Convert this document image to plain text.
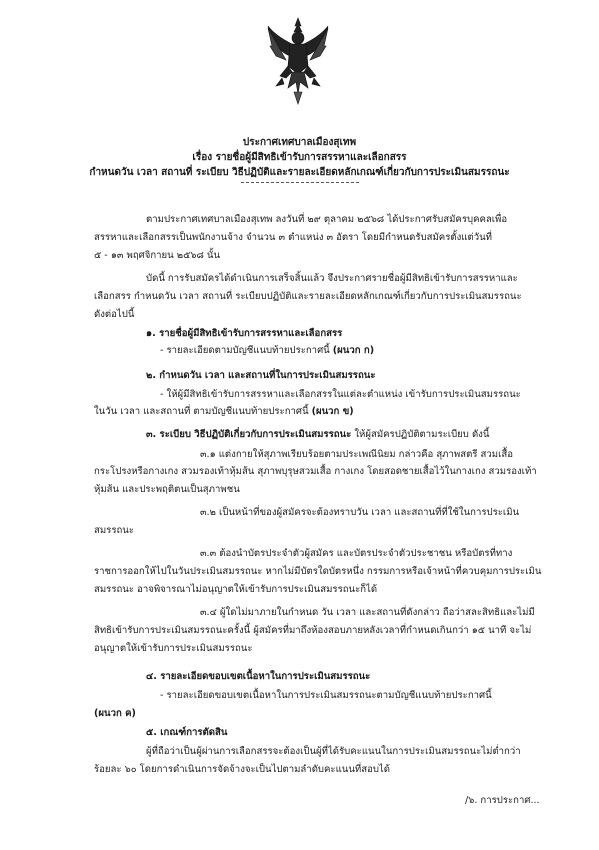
ประกาศเทศบาลเมืองสุเทพ
เรื่อง รายชื่อผู้มีสิทธิเข้ารับการสรรหาและเลือกสรร
กำหนดวัน เวลา สถานที่ ระเบียบ วิธีปฏิบัติและรายละเอียดหลักเกณฑ์เกี่ยวกับการประเมินสมรรถนะ
ตามประกาศเทศบาลเมืองสุเทพ ลงวันที่ ๒๙ ตุลาคม ๒๕๖๘ ได้ประกาศรับสมัครบุคคลเพื่อ
สรรหาและเลือกสรรเป็นพนักงานจ้าง จำนวน ๓ ตำแหน่ง ๓ อัตรา โดยมีกำหนดรับสมัครตั้งแต่วันที่
๕ - ๑๓ พฤศจิกายน ๒๕๖๘ นั้น
บัดนี้ การรับสมัครได้ดำเนินการเสร็จสิ้นแล้ว จึงประกาศรายชื่อผู้มีสิทธิเข้ารับการสรรหาและ
เลือกสรร กำหนดวัน เวลา สถานที่ ระเบียบปฏิบัติและรายละเอียดหลักเกณฑ์เกี่ยวกับการประเมินสมรรถนะ
ดังต่อไปนี้
๑. รายชื่อผู้มีสิทธิเข้ารับการสรรหาและเลือกสรร
- รายละเอียดตามบัญชีแนบท้ายประกาศนี้ (ผนวก ก)
๒. กำหนดวัน เวลา และสถานที่ในการประเมินสมรรถนะ
- ให้ผู้มีสิทธิเข้ารับการสรรหาและเลือกสรรในแต่ละตำแหน่ง เข้ารับการประเมินสมรรถนะ
ในวัน เวลา และสถานที่ ตามบัญชีแนบท้ายประกาศนี้ (ผนวก ข)
๓. ระเบียบ วิธีปฏิบัติเกี่ยวกับการประเมินสมรรถนะ ให้ผู้สมัครปฏิบัติตามระเบียบ ดังนี้
๓.๑ แต่งกายให้สุภาพเรียบร้อยตามประเพณีนิยม กล่าวคือ สุภาพสตรี สวมเสื้อ
กระโปรงหรือกางเกง สวมรองเท้าหุ้มส้น สุภาพบุรุษสวมเสื้อ กางเกง โดยสอดชายเสื้อไว้ในกางเกง สวมรองเท้า
หุ้มส้น และประพฤติตนเป็นสุภาพชน
๓.๒ เป็นหน้าที่ของผู้สมัครจะต้องทราบวัน เวลา และสถานที่ที่ใช้ในการประเมิน
สมรรถนะ
๓.๓ ต้องนำบัตรประจำตัวผู้สมัคร และบัตรประจำตัวประชาชน หรือบัตรที่ทาง
ราชการออกให้ไปในวันประเมินสมรรถนะ หากไม่มีบัตรใดบัตรหนึ่ง กรรมการหรือเจ้าหน้าที่ควบคุมการประเมิน
สมรรถนะ อาจพิจารณาไม่อนุญาตให้เข้ารับการประเมินสมรรถนะก็ได้
๓.๔ ผู้ใดไม่มาภายในกำหนด วัน เวลา และสถานที่ดังกล่าว ถือว่าสละสิทธิและไม่มี
สิทธิเข้ารับการประเมินสมรรถนะครั้งนี้ ผู้สมัครที่มาถึงห้องสอบภายหลังเวลาที่กำหนดเกินกว่า ๑๕ นาที จะไม่
อนุญาตให้เข้ารับการประเมินสมรรถนะ
๔. รายละเอียดขอบเขตเนื้อหาในการประเมินสมรรถนะ
- รายละเอียดขอบเขตเนื้อหาในการประเมินสมรรถนะตามบัญชีแนบท้ายประกาศนี้
(ผนวก ค)
๕. เกณฑ์การตัดสิน
ผู้ที่ถือว่าเป็นผู้ผ่านการเลือกสรรจะต้องเป็นผู้ที่ได้รับคะแนนในการประเมินสมรรถนะไม่ต่ำกว่า
ร้อยละ ๖๐ โดยการดำเนินการจัดจ้างจะเป็นไปตามลำดับคะแนนที่สอบได้
/๖. การประกาศ...
